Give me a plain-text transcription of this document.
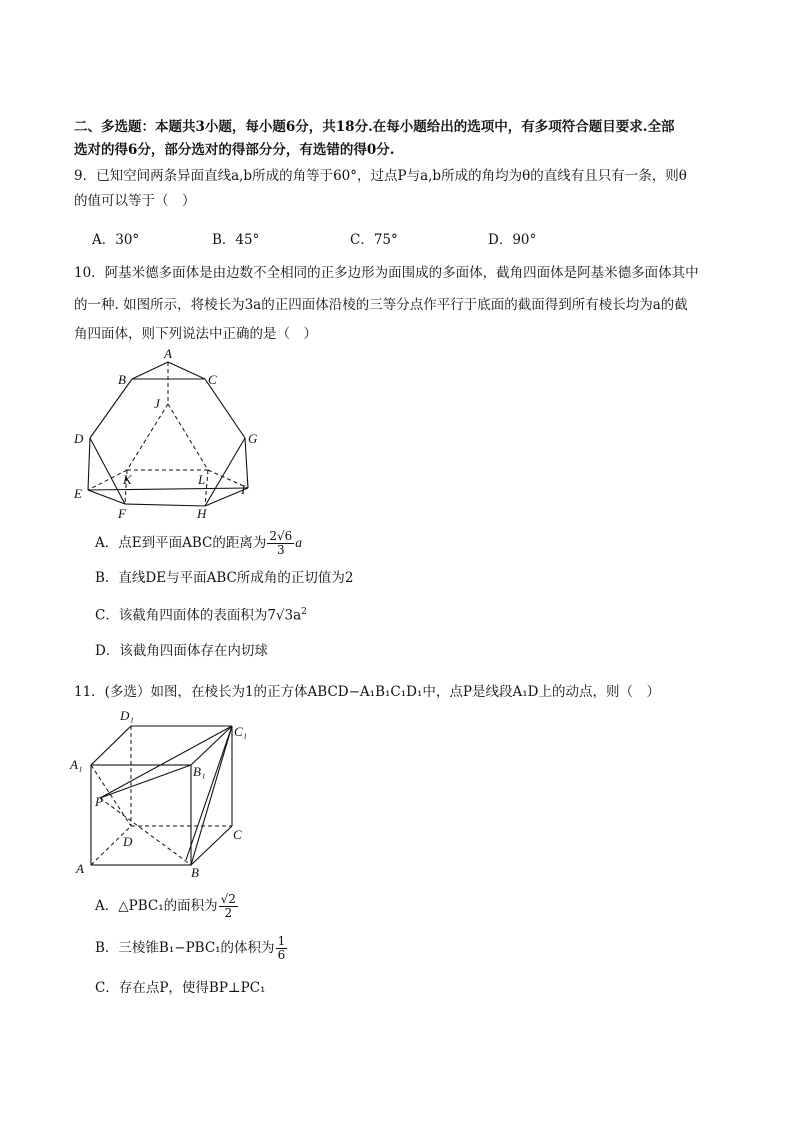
二、多选题：本题共3小题，每小题6分，共18分.在每小题给出的选项中，有多项符合题目要求.全部
选对的得6分，部分选对的得部分分，有选错的得0分.
9．已知空间两条异面直线a,b所成的角等于60°，过点P与a,b所成的角均为θ的直线有且只有一条，则θ
的值可以等于（　）
A．30°	B．45°	C．75°	D．90°
10．阿基米德多面体是由边数不全相同的正多边形为面围成的多面体，截角四面体是阿基米德多面体其中
的一种. 如图所示，将棱长为3a的正四面体沿棱的三等分点作平行于底面的截面得到所有棱长均为a的截
角四面体，则下列说法中正确的是（　）
A
B	C
J
D	G
K	L
E	I
F	H
A．点E到平面ABC的距离为 $\frac{2√6}{3}$ a
B．直线DE与平面ABC所成角的正切值为2
C．该截角四面体的表面积为$7√3a^2$
D．该截角四面体存在内切球
11．(多选）如图，在棱长为1的正方体ABCD−A₁B₁C₁D₁中，点P是线段A₁D上的动点，则（　）
D₁
C₁
A₁	B₁
P
C
D
A	B
A．△PBC₁的面积为 $\frac{√2}{2}$
B．三棱锥B₁−PBC₁的体积为 $\frac{1}{6}$
C．存在点P，使得BP⊥PC₁
